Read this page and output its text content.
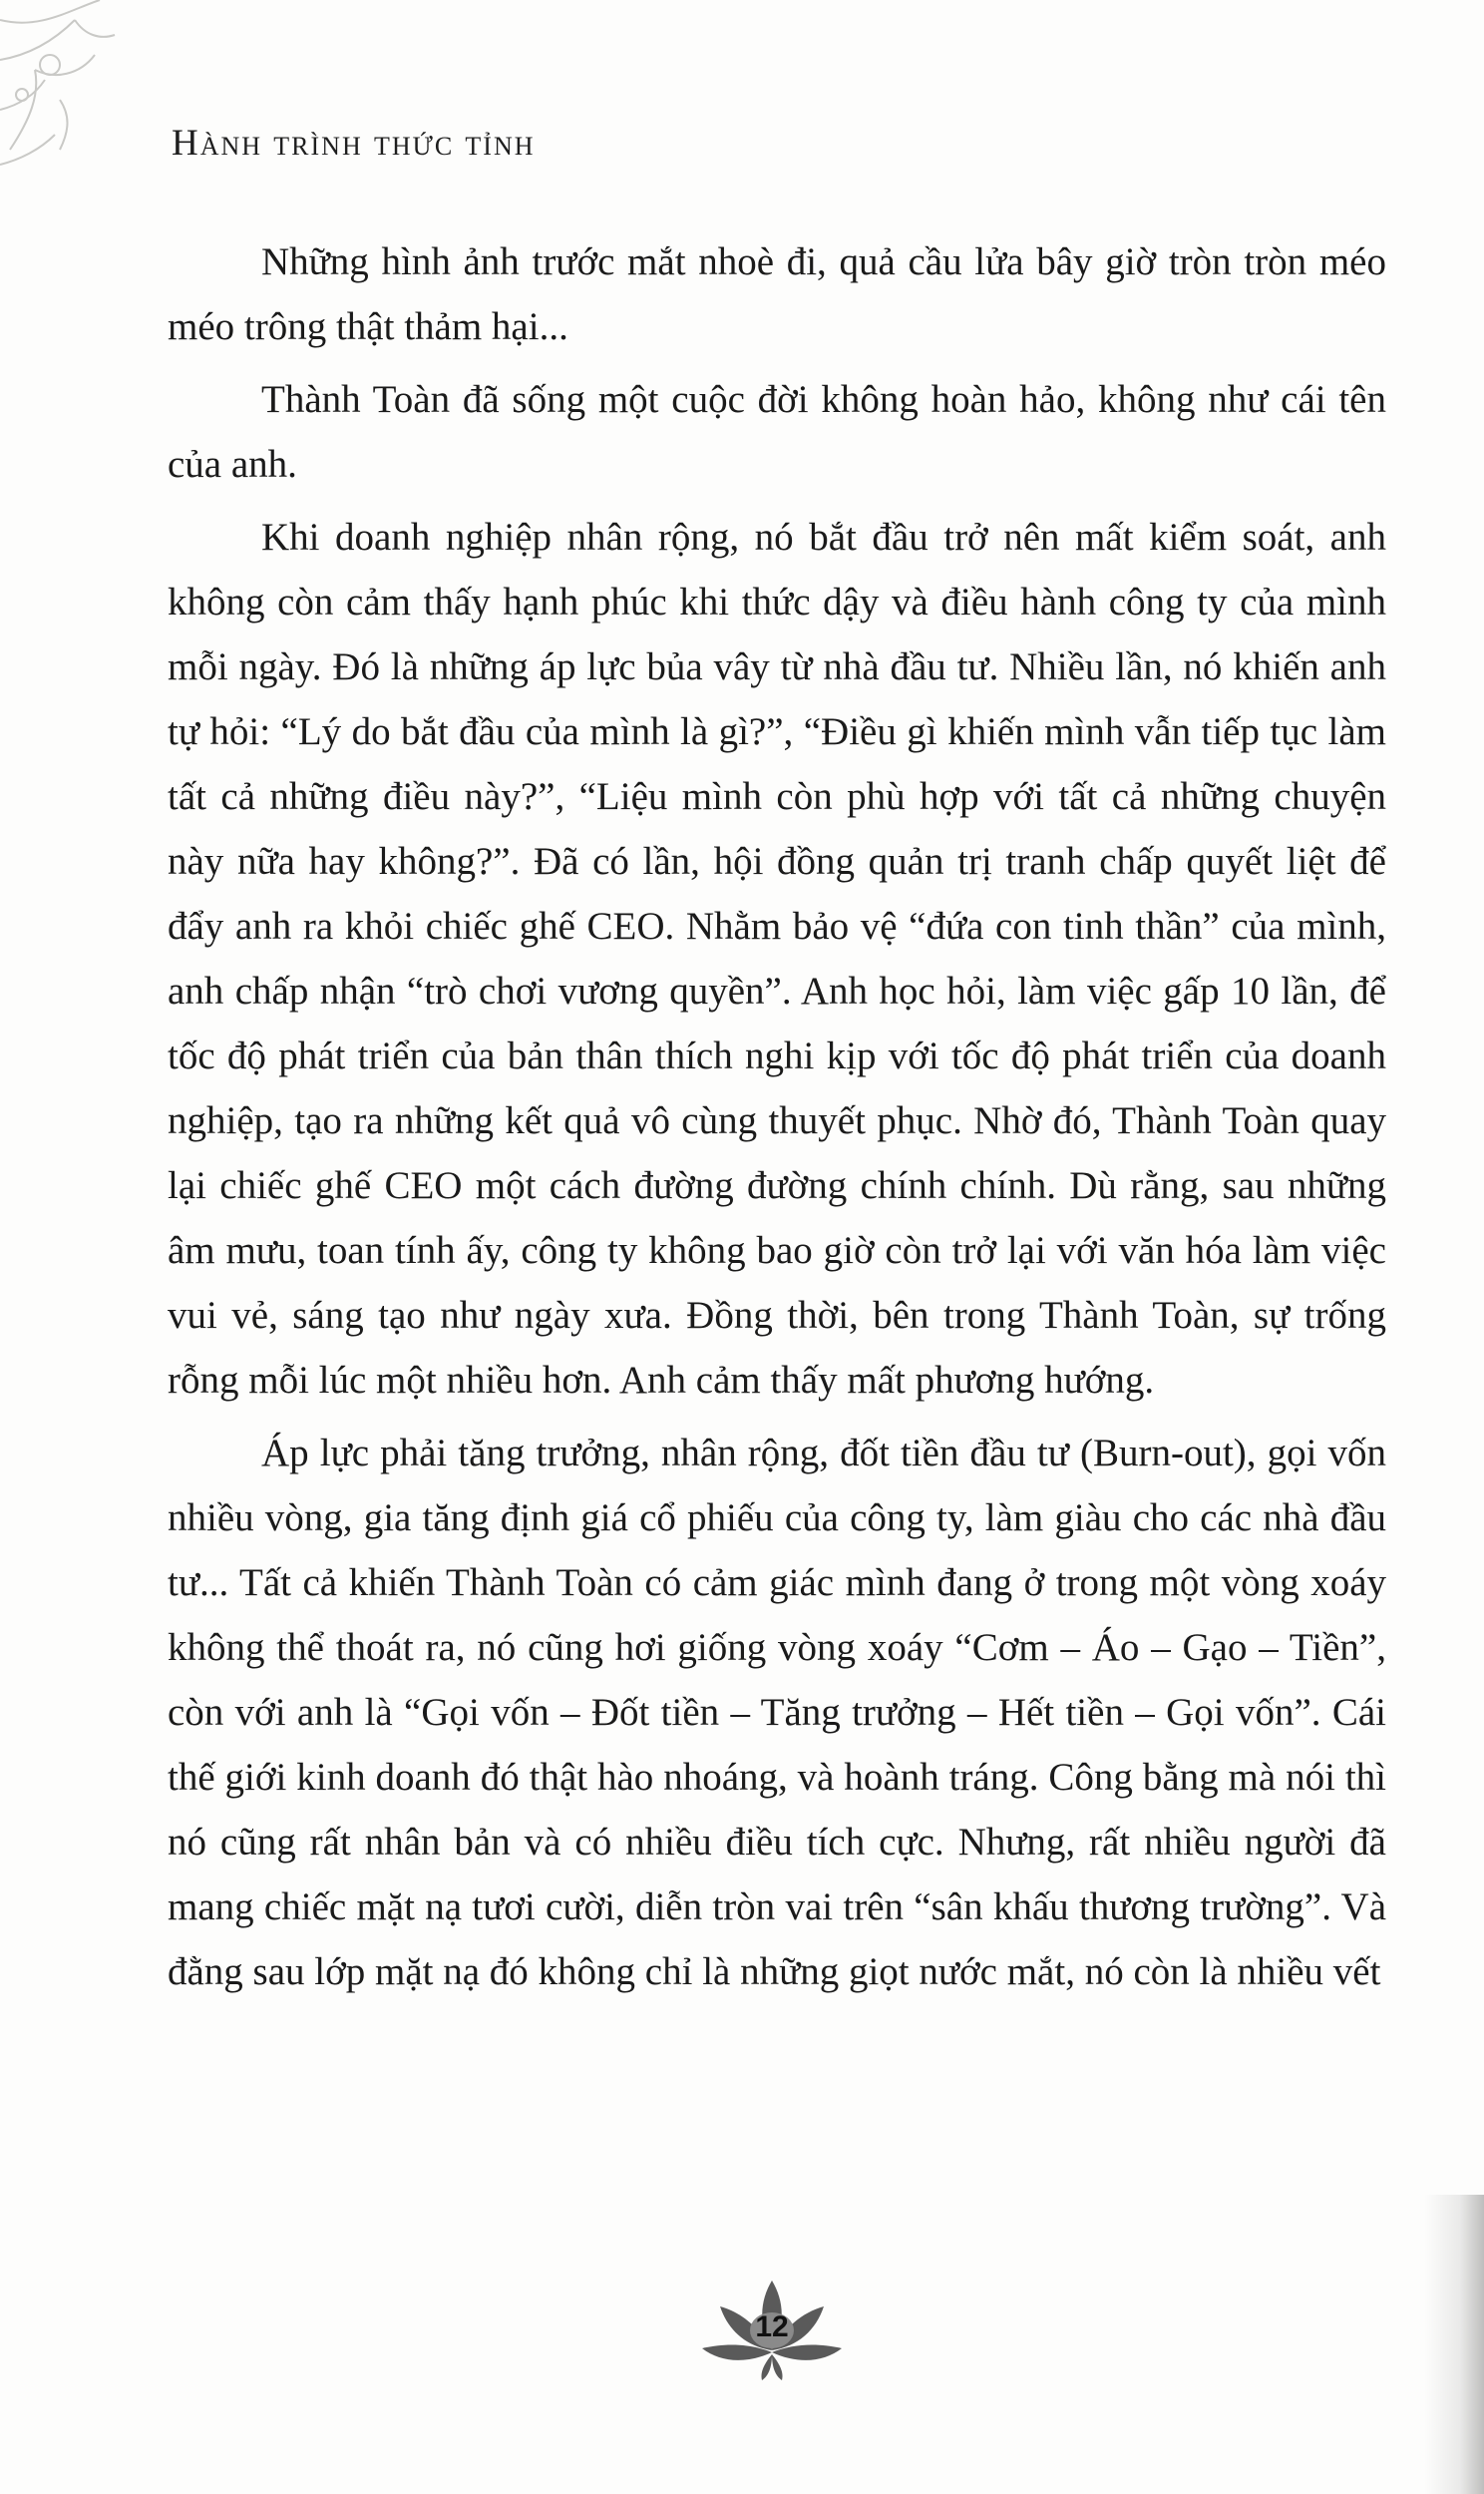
Hành trình thức tỉnh

Những hình ảnh trước mắt nhoè đi, quả cầu lửa bây giờ tròn tròn méo méo trông thật thảm hại...

Thành Toàn đã sống một cuộc đời không hoàn hảo, không như cái tên của anh.

Khi doanh nghiệp nhân rộng, nó bắt đầu trở nên mất kiểm soát, anh không còn cảm thấy hạnh phúc khi thức dậy và điều hành công ty của mình mỗi ngày. Đó là những áp lực bủa vây từ nhà đầu tư. Nhiều lần, nó khiến anh tự hỏi: “Lý do bắt đầu của mình là gì?”, “Điều gì khiến mình vẫn tiếp tục làm tất cả những điều này?”, “Liệu mình còn phù hợp với tất cả những chuyện này nữa hay không?”. Đã có lần, hội đồng quản trị tranh chấp quyết liệt để đẩy anh ra khỏi chiếc ghế CEO. Nhằm bảo vệ “đứa con tinh thần” của mình, anh chấp nhận “trò chơi vương quyền”. Anh học hỏi, làm việc gấp 10 lần, để tốc độ phát triển của bản thân thích nghi kịp với tốc độ phát triển của doanh nghiệp, tạo ra những kết quả vô cùng thuyết phục. Nhờ đó, Thành Toàn quay lại chiếc ghế CEO một cách đường đường chính chính. Dù rằng, sau những âm mưu, toan tính ấy, công ty không bao giờ còn trở lại với văn hóa làm việc vui vẻ, sáng tạo như ngày xưa. Đồng thời, bên trong Thành Toàn, sự trống rỗng mỗi lúc một nhiều hơn. Anh cảm thấy mất phương hướng.

Áp lực phải tăng trưởng, nhân rộng, đốt tiền đầu tư (Burn-out), gọi vốn nhiều vòng, gia tăng định giá cổ phiếu của công ty, làm giàu cho các nhà đầu tư... Tất cả khiến Thành Toàn có cảm giác mình đang ở trong một vòng xoáy không thể thoát ra, nó cũng hơi giống vòng xoáy “Cơm – Áo – Gạo – Tiền”, còn với anh là “Gọi vốn – Đốt tiền – Tăng trưởng – Hết tiền – Gọi vốn”. Cái thế giới kinh doanh đó thật hào nhoáng, và hoành tráng. Công bằng mà nói thì nó cũng rất nhân bản và có nhiều điều tích cực. Nhưng, rất nhiều người đã mang chiếc mặt nạ tươi cười, diễn tròn vai trên “sân khấu thương trường”. Và đằng sau lớp mặt nạ đó không chỉ là những giọt nước mắt, nó còn là nhiều vết

12
